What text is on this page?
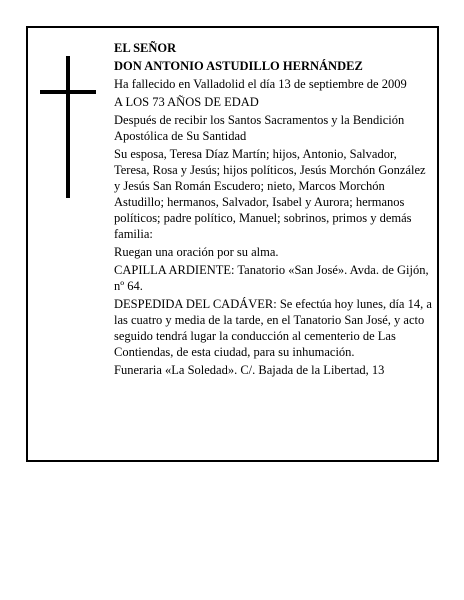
EL SEÑOR

DON ANTONIO ASTUDILLO HERNÁNDEZ

Ha fallecido en Valladolid el día 13 de septiembre de 2009

A LOS 73 AÑOS DE EDAD

Después de recibir los Santos Sacramentos y la Bendición Apostólica de Su Santidad

Su esposa, Teresa Díaz Martín; hijos, Antonio, Salvador, Teresa, Rosa y Jesús; hijos políticos, Jesús Morchón González y Jesús San Román Escudero; nieto, Marcos Morchón Astudillo; hermanos, Salvador, Isabel y Aurora; hermanos políticos; padre político, Manuel; sobrinos, primos y demás familia:

Ruegan una oración por su alma.

CAPILLA ARDIENTE: Tanatorio «San José». Avda. de Gijón, nº 64.

DESPEDIDA DEL CADÁVER: Se efectúa hoy lunes, día 14, a las cuatro y media de la tarde, en el Tanatorio San José, y acto seguido tendrá lugar la conducción al cementerio de Las Contiendas, de esta ciudad, para su inhumación.

Funeraria «La Soledad». C/. Bajada de la Libertad, 13
